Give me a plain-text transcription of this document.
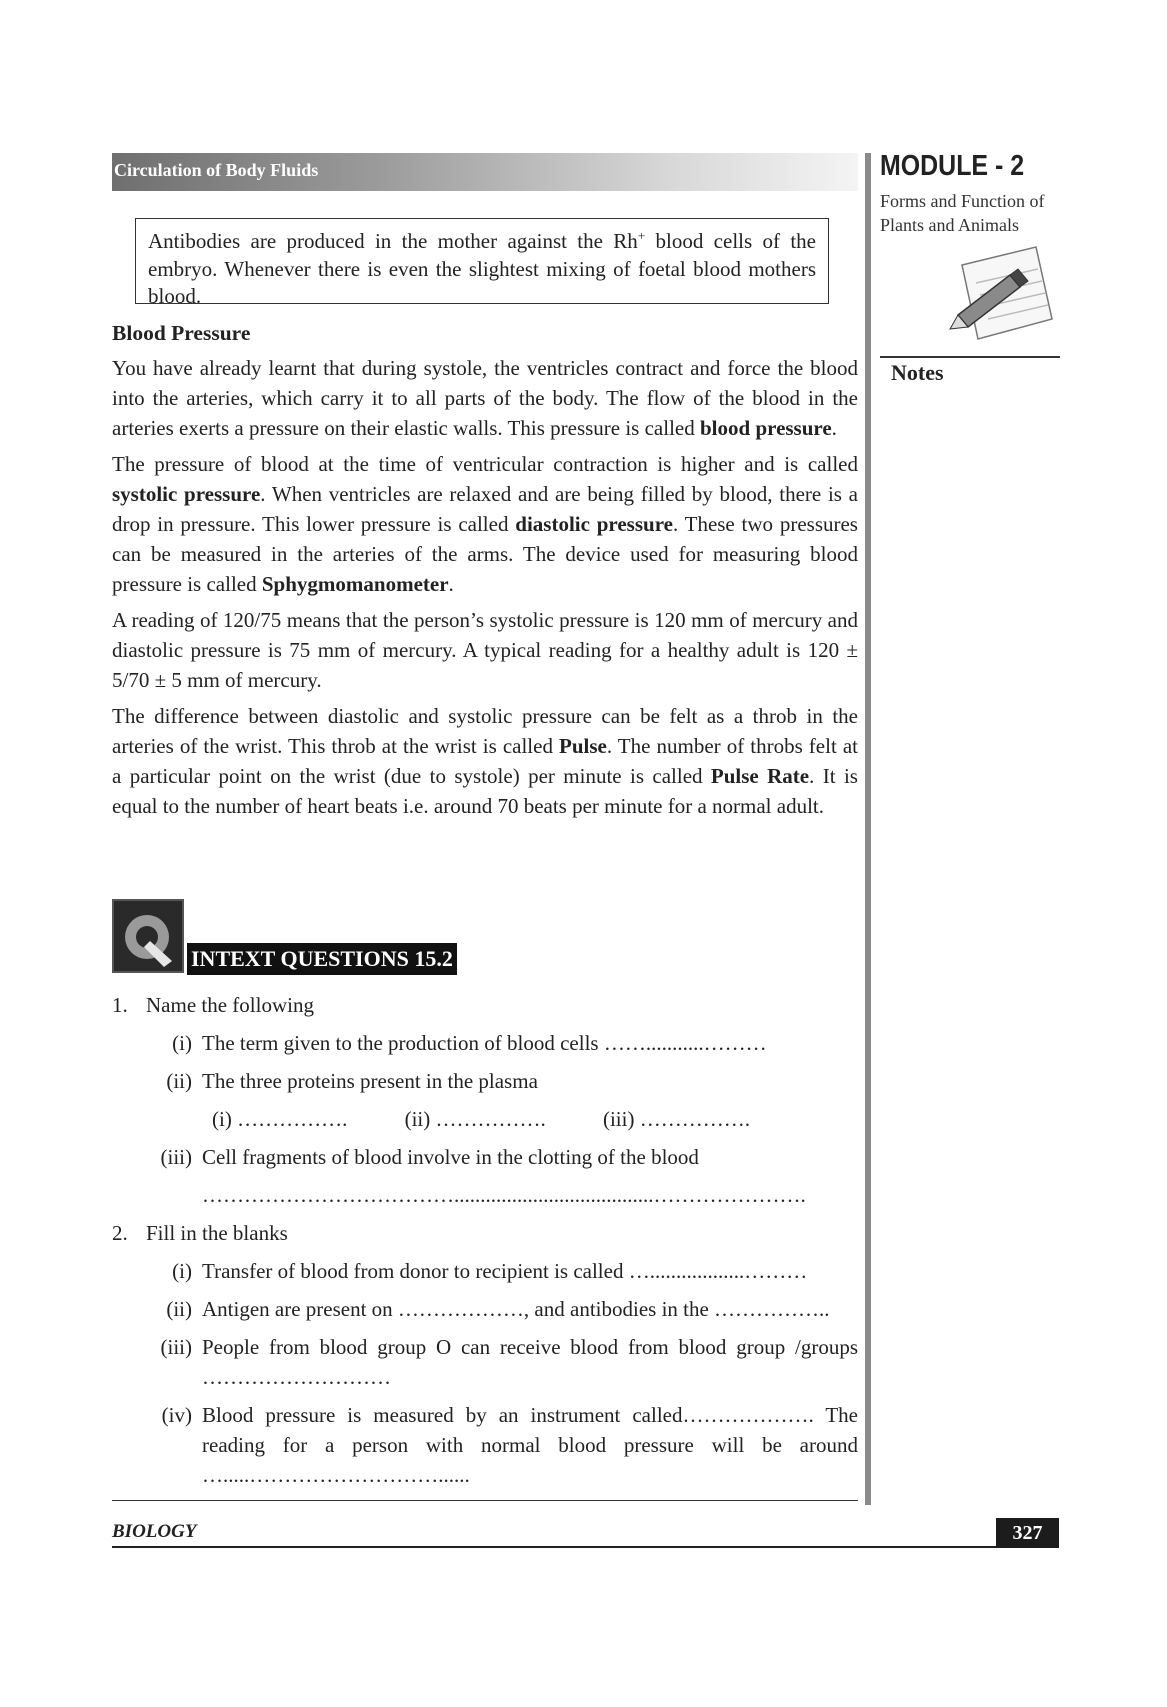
Circulation of Body Fluids	MODULE - 2
Forms and Function of Plants and Animals
Notes
Antibodies are produced in the mother against the Rh+ blood cells of the embryo. Whenever there is even the slightest mixing of foetal blood mothers blood.
Blood Pressure

You have already learnt that during systole, the ventricles contract and force the blood into the arteries, which carry it to all parts of the body. The flow of the blood in the arteries exerts a pressure on their elastic walls. This pressure is called blood pressure.

The pressure of blood at the time of ventricular contraction is higher and is called systolic pressure. When ventricles are relaxed and are being filled by blood, there is a drop in pressure. This lower pressure is called diastolic pressure. These two pressures can be measured in the arteries of the arms. The device used for measuring blood pressure is called Sphygmomanometer.

A reading of 120/75 means that the person’s systolic pressure is 120 mm of mercury and diastolic pressure is 75 mm of mercury. A typical reading for a healthy adult is 120 ± 5/70 ± 5 mm of mercury.

The difference between diastolic and systolic pressure can be felt as a throb in the arteries of the wrist. This throb at the wrist is called Pulse. The number of throbs felt at a particular point on the wrist (due to systole) per minute is called Pulse Rate. It is equal to the number of heart beats i.e. around 70 beats per minute for a normal adult.

INTEXT QUESTIONS 15.2
1. Name the following
(i) The term given to the production of blood cells ……...........………
(ii) The three proteins present in the plasma
(i) …………….	(ii) …………….	(iii) …………….
(iii) Cell fragments of blood involve in the clotting of the blood
………………………………......................................………………….
2. Fill in the blanks
(i) Transfer of blood from donor to recipient is called …..................………
(ii) Antigen are present on ………………, and antibodies in the ……………..
(iii) People from blood group O can receive blood from blood group /groups ………………………
(iv) Blood pressure is measured by an instrument called………………. The reading for a person with normal blood pressure will be around ….....………………………......
BIOLOGY	327
